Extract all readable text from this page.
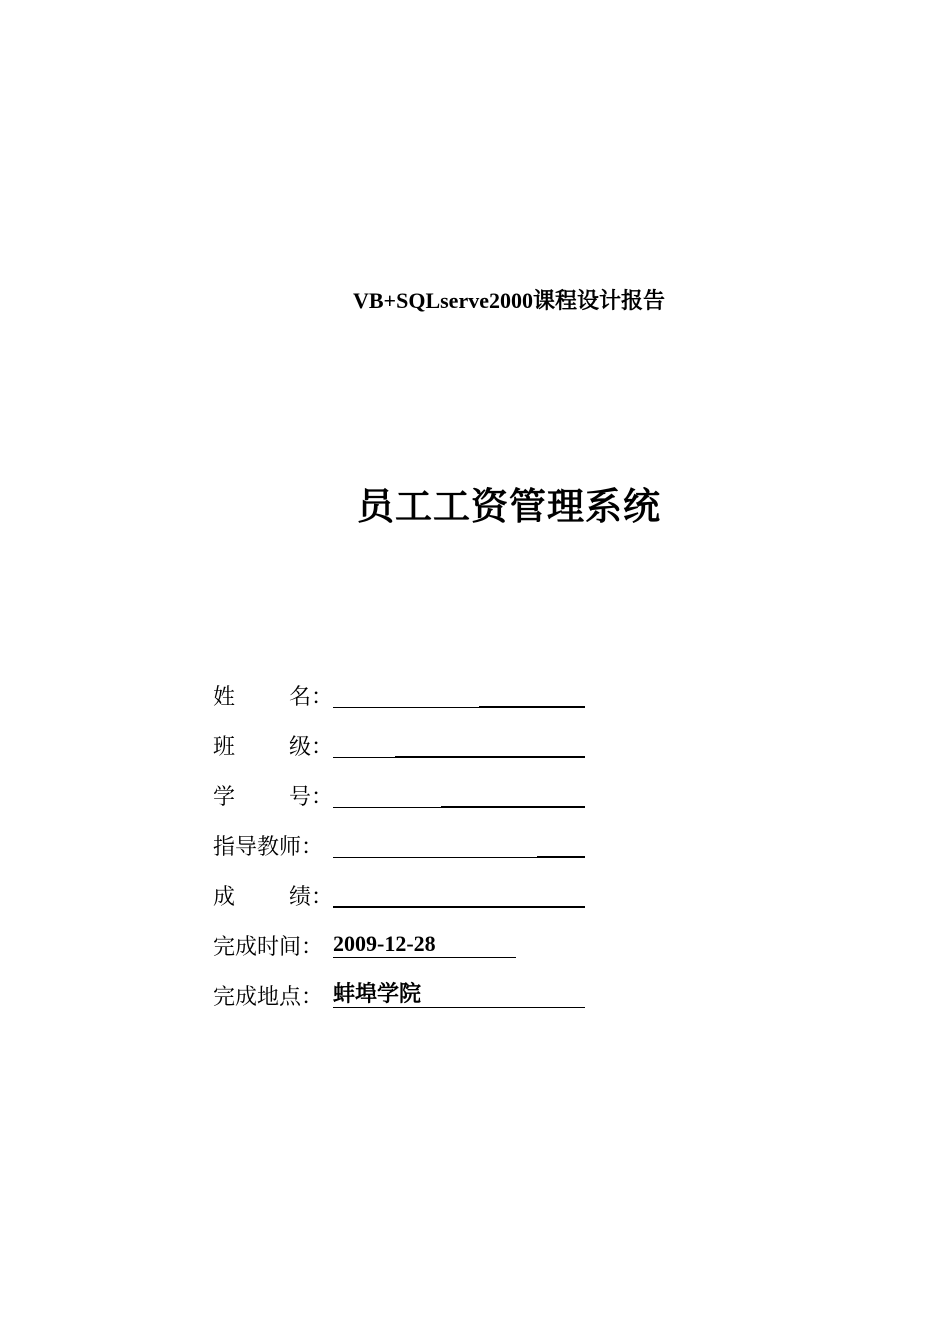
VB+SQLserve2000课程设计报告
员工工资管理系统
姓 名：
班 级：
学 号：
指导教师：
成 绩：
完成时间： 2009-12-28
完成地点： 蚌埠学院
